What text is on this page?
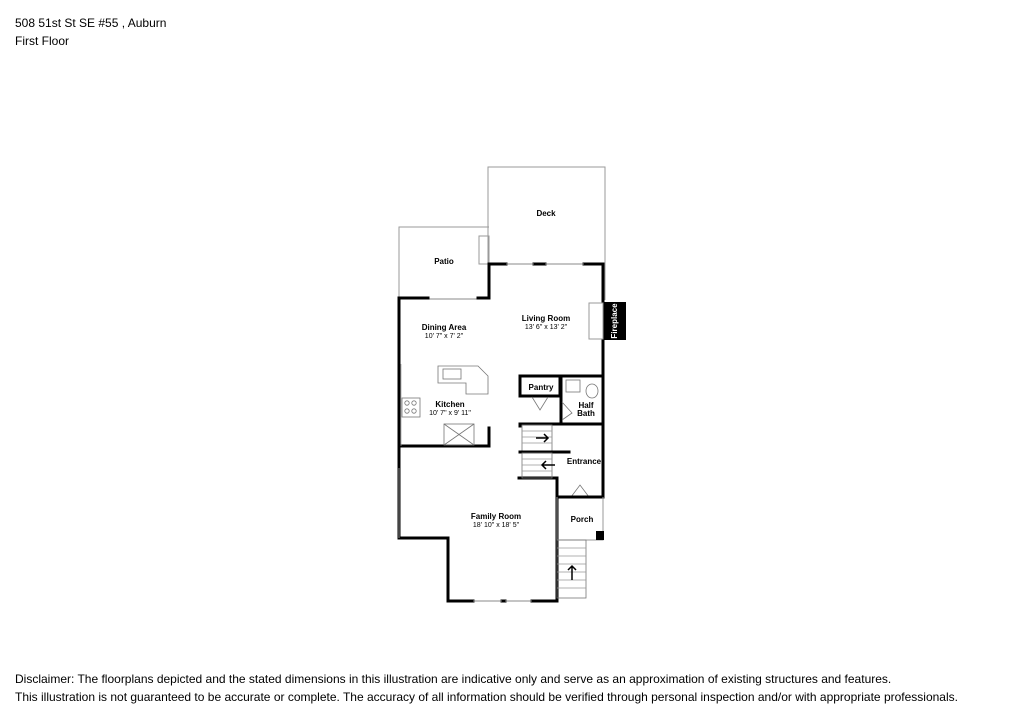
508 51st St SE #55 , Auburn
First Floor
Fireplace
Deck
Patio
Living Room
13' 6" x 13' 2"
Dining Area
10' 7" x 7' 2"
Kitchen
10' 7" x 9' 11"
Pantry
Half
Bath
Entrance
Family Room
18' 10" x 18' 5"
Porch
Disclaimer: The floorplans depicted and the stated dimensions in this illustration are indicative only and serve as an approximation of existing structures and features.
This illustration is not guaranteed to be accurate or complete. The accuracy of all information should be verified through personal inspection and/or with appropriate professionals.
